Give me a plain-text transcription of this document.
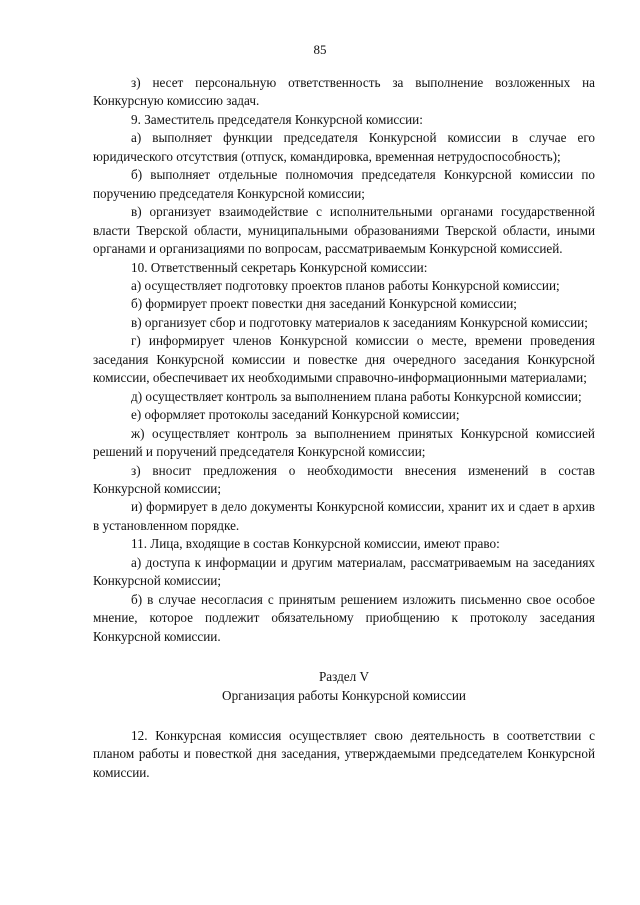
85

з) несет персональную ответственность за выполнение возложенных на Конкурсную комиссию задач.

9. Заместитель председателя Конкурсной комиссии:

а) выполняет функции председателя Конкурсной комиссии в случае его юридического отсутствия (отпуск, командировка, временная нетрудоспособность);

б) выполняет отдельные полномочия председателя Конкурсной комиссии по поручению председателя Конкурсной комиссии;

в) организует взаимодействие с исполнительными органами государственной власти Тверской области, муниципальными образованиями Тверской области, иными органами и организациями по вопросам, рассматриваемым Конкурсной комиссией.

10. Ответственный секретарь Конкурсной комиссии:

а) осуществляет подготовку проектов планов работы Конкурсной комиссии;

б) формирует проект повестки дня заседаний Конкурсной комиссии;

в) организует сбор и подготовку материалов к заседаниям Конкурсной комиссии;

г) информирует членов Конкурсной комиссии о месте, времени проведения заседания Конкурсной комиссии и повестке дня очередного заседания Конкурсной комиссии, обеспечивает их необходимыми справочно-информационными материалами;

д) осуществляет контроль за выполнением плана работы Конкурсной комиссии;

е) оформляет протоколы заседаний Конкурсной комиссии;

ж) осуществляет контроль за выполнением принятых Конкурсной комиссией решений и поручений председателя Конкурсной комиссии;

з) вносит предложения о необходимости внесения изменений в состав Конкурсной комиссии;

и) формирует в дело документы Конкурсной комиссии, хранит их и сдает в архив в установленном порядке.

11. Лица, входящие в состав Конкурсной комиссии, имеют право:

а) доступа к информации и другим материалам, рассматриваемым на заседаниях Конкурсной комиссии;

б) в случае несогласия с принятым решением изложить письменно свое особое мнение, которое подлежит обязательному приобщению к протоколу заседания Конкурсной комиссии.

Раздел V
Организация работы Конкурсной комиссии

12. Конкурсная комиссия осуществляет свою деятельность в соответствии с планом работы и повесткой дня заседания, утверждаемыми председателем Конкурсной комиссии.
